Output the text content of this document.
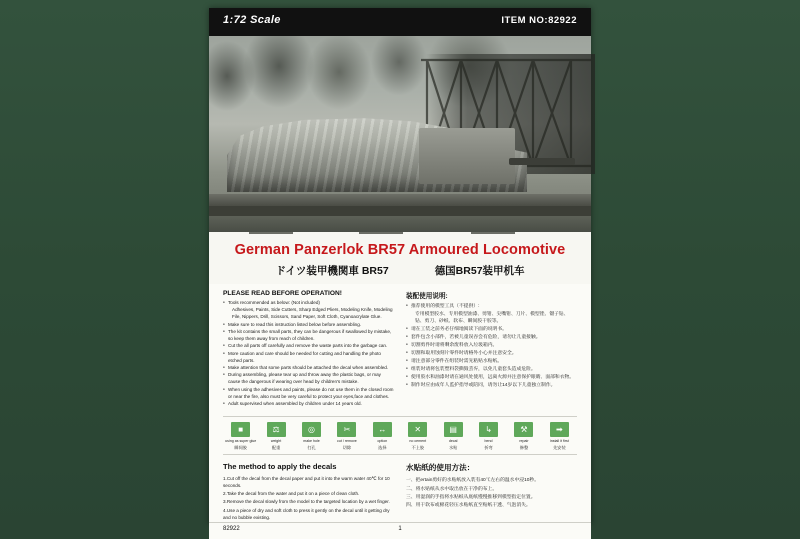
1:72 Scale	ITEM NO:82922
German Panzerlok BR57 Armoured Locomotive
ドイツ装甲機関車 BR57	德国BR57装甲机车
PLEASE READ BEFORE OPERATION!
● Tools recommended as below: (Not included)
Adhesives, Paints, Side Cutters, Sharp Edged Pliers, Modeling Knife, Modeling File, Nippers, Drill, Scissors, Sand Paper, Soft Cloth, Cyanoacrylate Glue.
● Make sure to read this instruction listed below before assembling.
● The kit contains the small parts, they can be dangerous if swallowed by mistake, so keep them away from reach of children.
● Cut the all parts off carefully and remove the waste parts into the garbage can.
● More caution and care should be needed for cutting and handling the photo etched parts.
● Make attention that some parts should be attached the decal when assembled.
● During assembling, please tear up and throw away the plastic bags, or may cause the dangerous if wearing over head by children's mistake.
● When using the adhesives and paints, please do not use them in the closed room or near the fire, also must be very careful to protect your eyes,face and clothes.
● Adult supervised when assembled by children under 14 years old.
装配使用说明:
● 推荐使用的模型工具（不提供）:
专用模型胶水、专用模型油漆、剪钳、尖嘴钳、刀片、模型锉、镊子钻、钻、剪刀、砂纸、软布、瞬间胶干胶等。
● 请在工装之前务必仔细地阅读下面的说明书。
● 套件包含小部件，若被儿童误吞会有危险，请勿让儿童接触。
● 切割剪件时请将剩余废料放入垃圾箱内。
● 切割和取用蚀刻片零件时请格外小心并注意安全。
● 请注意部分零件在组装时需先粘贴水贴纸。
● 组装时请将包装塑料袋撕毁丢弃，以免儿童套头造成危险。
● 使用胶水和油漆时请在通风处使用，远离火源并注意保护眼睛、面部和衣物。
● 制作时应由成年人监护指导或陪同，请勿让14岁以下儿童独立制作。
■
using as super glue
瞬间胶
⚖
weight
配重
◎
make hole
打孔
✂
cut / remove
切除
↔
option
选择
✕
no cement
不上胶
▤
decal
水贴
↳
bend
折弯
⚒
repair
修整
➡
install it first
先安装
The method to apply the decals
1.Cut off the decal from the decal paper and put it into the warm water 40℃ for 10 seconds.
2.Take the decal from the water and put it on a piece of clean cloth.
3.Remove the decal slowly from the model to the targeted location by a wet finger.
4.Use a piece of dry and soft cloth to press it gently on the decal until it getting dry and no bubble existing.
水贴纸的使用方法：
一、把ertain剪好的水贴纸放入装有40℃左右的温水中浸10秒。
二、将水贴纸从水中取出放在干净的布上。
三、用湿润的手指将水贴纸从底纸慢慢推移到模型指定位置。
四、用干软布或棉花轻压水贴纸直至贴纸干透、气泡消失。
82922	1
